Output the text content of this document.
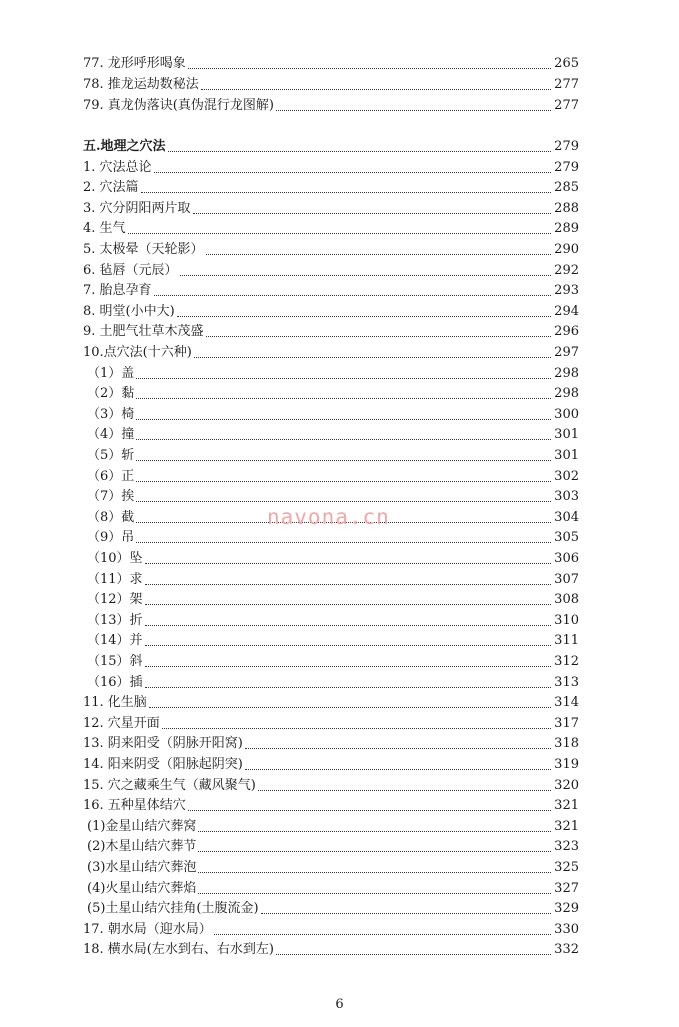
77. 龙形呼形喝象	265
78. 推龙运劫数秘法	277
79. 真龙伪落诀(真伪混行龙图解)	277
五.地理之穴法	279
1. 穴法总论	279
2. 穴法篇	285
3. 穴分阴阳两片取	288
4. 生气	289
5. 太极晕（天轮影）	290
6. 毡唇（元辰）	292
7. 胎息孕育	293
8. 明堂(小中大)	294
9. 土肥气壮草木茂盛	296
10.点穴法(十六种)	297
（1）盖	298
（2）黏	298
（3）椅	300
（4）撞	301
（5）斩	301
（6）正	302
（7）挨	303
（8）截	304
（9）吊	305
（10）坠	306
（11）求	307
（12）架	308
（13）折	310
（14）并	311
（15）斜	312
（16）插	313
11. 化生脑	314
12. 穴星开面	317
13. 阴来阳受（阴脉开阳窝)	318
14. 阳来阴受（阳脉起阴突)	319
15. 穴之藏乘生气（藏风聚气)	320
16. 五种星体结穴	321
(1)金星山结穴葬窝	321
(2)木星山结穴葬节	323
(3)水星山结穴葬泡	325
(4)火星山结穴葬焰	327
(5)土星山结穴挂角(土腹流金)	329
17. 朝水局（迎水局）	330
18. 横水局(左水到右、右水到左)	332
navona.cn
6
